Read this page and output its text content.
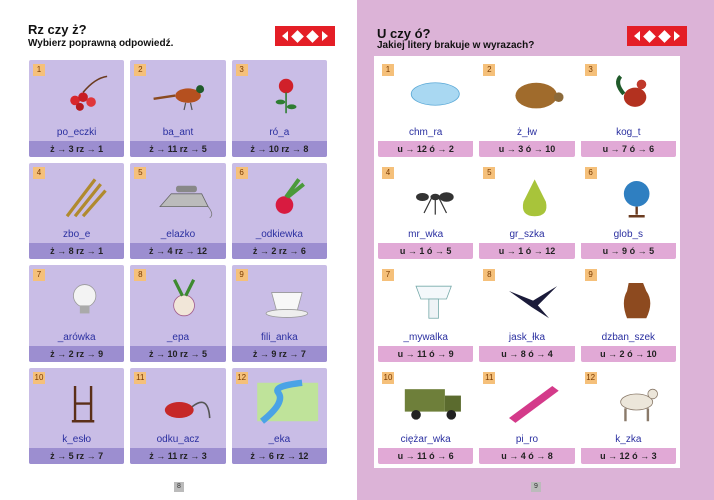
Rz czy ż?
Wybierz poprawną odpowiedź.
1
po_eczki
ż → 3 rz → 1
2
ba_ant
ż → 11 rz → 5
3
ró_a
ż → 10 rz → 8
4
zbo_e
ż → 8 rz → 1
5
_elazko
ż → 4 rz → 12
6
_odkiewka
ż → 2 rz → 6
7
_arówka
ż → 2 rz → 9
8
_epa
ż → 10 rz → 5
9
fili_anka
ż → 9 rz → 7
10
k_esło
ż → 5 rz → 7
11
odku_acz
ż → 11 rz → 3
12
_eka
ż → 6 rz → 12
8
U czy ó?
Jakiej litery brakuje w wyrazach?
1
chm_ra
u → 12 ó → 2
2
ż_łw
u → 3 ó → 10
3
kog_t
u → 7 ó → 6
4
mr_wka
u → 1 ó → 5
5
gr_szka
u → 1 ó → 12
6
glob_s
u → 9 ó → 5
7
_mywalka
u → 11 ó → 9
8
jask_łka
u → 8 ó → 4
9
dzban_szek
u → 2 ó → 10
10
ciężar_wka
u → 11 ó → 6
11
pi_ro
u → 4 ó → 8
12
k_zka
u → 12 ó → 3
9
